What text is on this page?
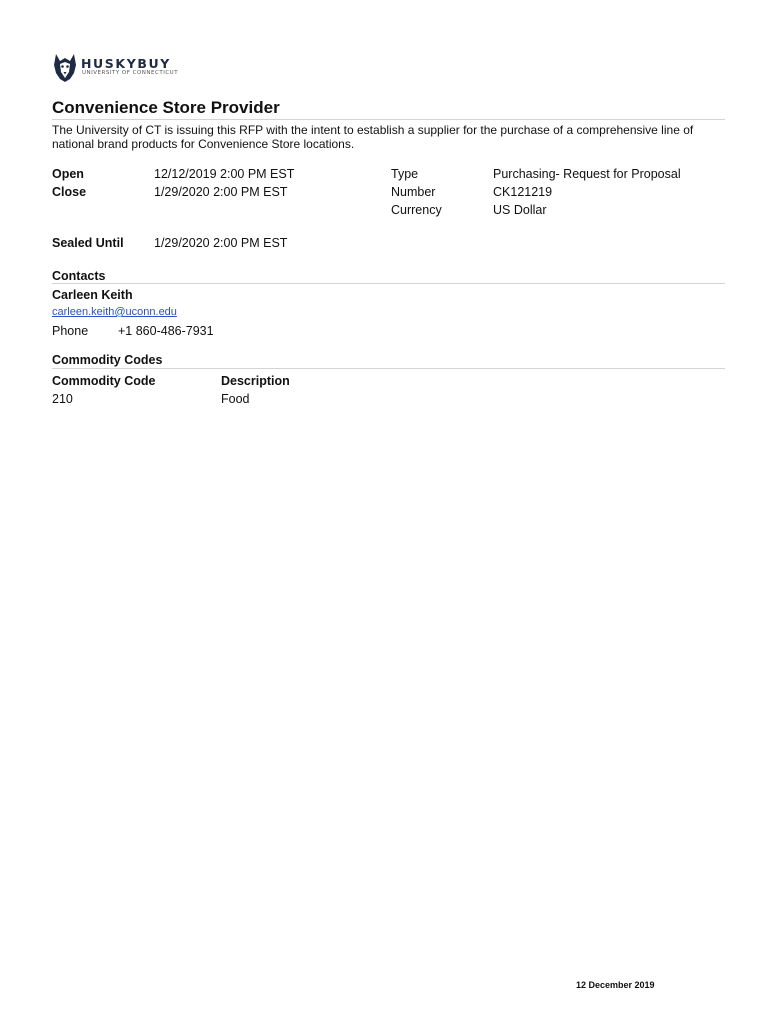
HUSKYBUY
UNIVERSITY OF CONNECTICUT
Convenience Store Provider
The University of CT is issuing this RFP with the intent to establish a supplier for the purchase of a comprehensive line of national brand products for Convenience Store locations.
Open	12/12/2019 2:00 PM EST
Close	1/29/2020 2:00 PM EST
Type	Purchasing- Request for Proposal
Number	CK121219
Currency	US Dollar
Sealed Until 1/29/2020 2:00 PM EST
Contacts
Carleen Keith
carleen.keith@uconn.edu
Phone +1 860-486-7931
Commodity Codes
Commodity Code	Description
210	Food
12 December 2019
